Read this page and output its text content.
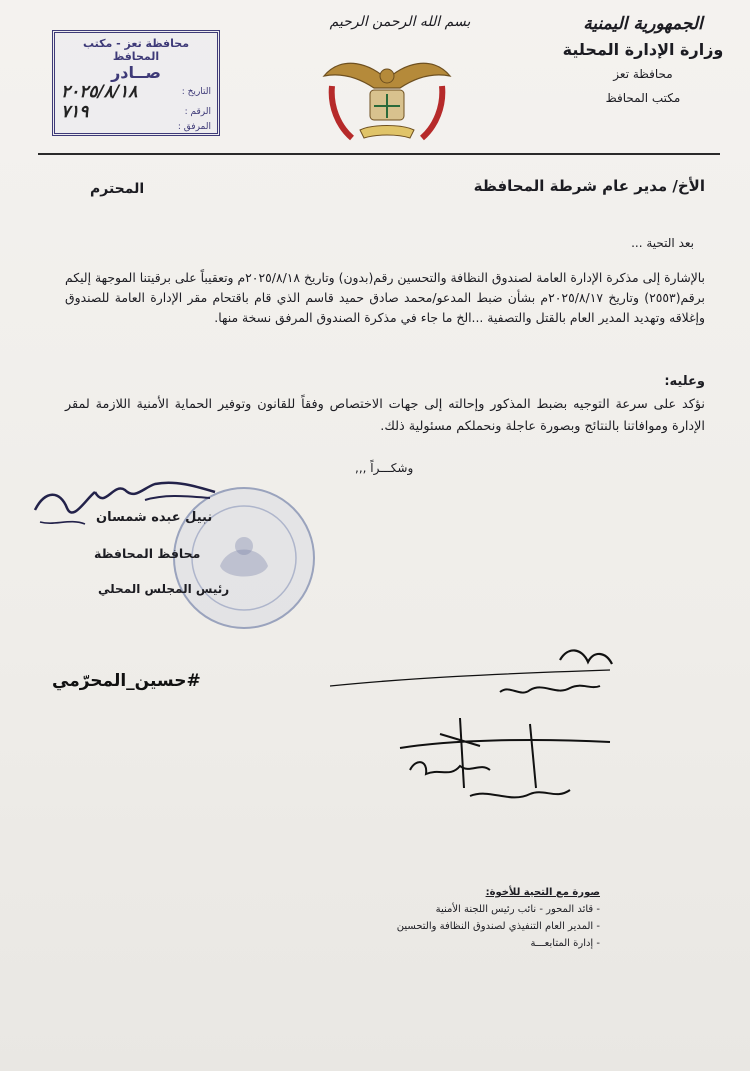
الجمهورية اليمنية
وزارة الإدارة المحلية
محافظة تعز
مكتب المحافظ
بسم الله الرحمن الرحيم
محافظة تعز - مكتب المحافظ
صــادر
التاريخ :
٢٠٢٥/٨/١٨
الرقم :
٧١٩
المرفق :
الأخ/ مدير عام شرطة المحافظة
المحترم
بعد التحية ...
بالإشارة إلى مذكرة الإدارة العامة لصندوق النظافة والتحسين رقم(بدون) وتاريخ ٢٠٢٥/٨/١٨م وتعقيباً على برقيتنا الموجهة إليكم برقم(٢٥٥٣) وتاريخ ٢٠٢٥/٨/١٧م بشأن ضبط المدعو/محمد صادق حميد قاسم الذي قام باقتحام مقر الإدارة العامة للصندوق وإغلاقه وتهديد المدير العام بالقتل والتصفية ...الخ ما جاء في مذكرة الصندوق المرفق نسخة منها.
وعليه:
نؤكد على سرعة التوجيه بضبط المذكور وإحالته إلى جهات الاختصاص وفقاً للقانون وتوفير الحماية الأمنية اللازمة لمقر الإدارة وموافاتنا بالنتائج وبصورة عاجلة ونحملكم مسئولية ذلك.
وشكـــراً ,,,
نبيل عبده شمسان
محافظ المحافظة
رئيس المجلس المحلي
#حسين_المحرّمي
صورة مع التحية للأخوة:
- قائد المحور - نائب رئيس اللجنة الأمنية
- المدير العام التنفيذي لصندوق النظافة والتحسين
- إدارة المتابعـــة
